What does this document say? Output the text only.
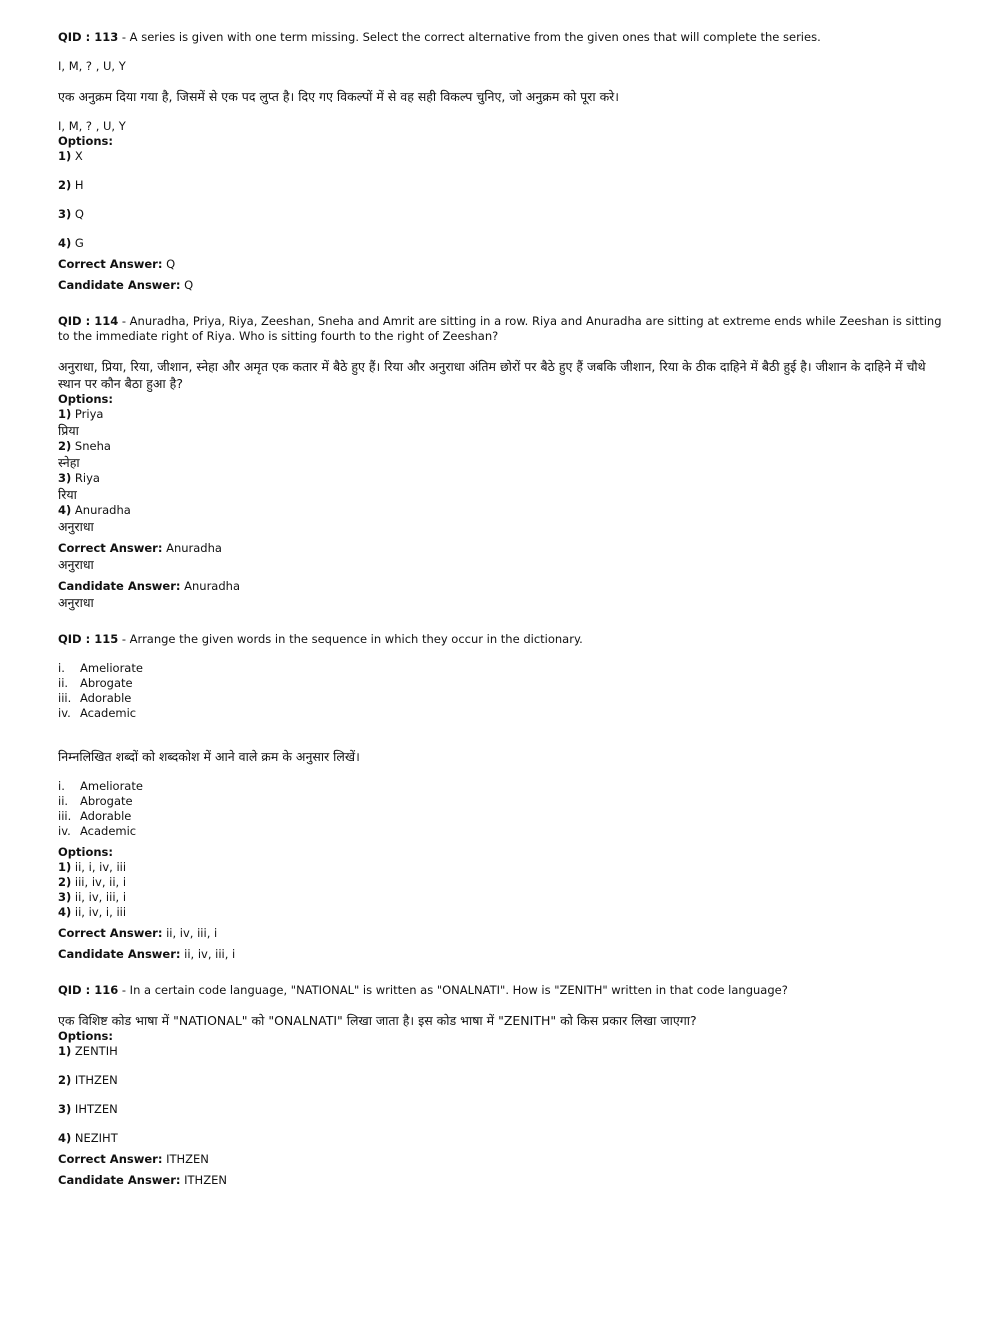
QID : 113 - A series is given with one term missing. Select the correct alternative from the given ones that will complete the series.
I, M, ? , U, Y
एक अनुक्रम दिया गया है, जिसमें से एक पद लुप्त है। दिए गए विकल्पों में से वह सही विकल्प चुनिए, जो अनुक्रम को पूरा करे।
I, M, ? , U, Y
Options:
1) X
2) H
3) Q
4) G
Correct Answer: Q
Candidate Answer: Q
QID : 114 - Anuradha, Priya, Riya, Zeeshan, Sneha and Amrit are sitting in a row. Riya and Anuradha are sitting at extreme ends while Zeeshan is sitting to the immediate right of Riya. Who is sitting fourth to the right of Zeeshan?
अनुराधा, प्रिया, रिया, जीशान, स्नेहा और अमृत एक कतार में बैठे हुए हैं। रिया और अनुराधा अंतिम छोरों पर बैठे हुए हैं जबकि जीशान, रिया के ठीक दाहिने में बैठी हुई है। जीशान के दाहिने में चौथे स्थान पर कौन बैठा हुआ है?
Options:
1) Priya
प्रिया
2) Sneha
स्नेहा
3) Riya
रिया
4) Anuradha
अनुराधा
Correct Answer: Anuradha
अनुराधा
Candidate Answer: Anuradha
अनुराधा
QID : 115 - Arrange the given words in the sequence in which they occur in the dictionary.
i. Ameliorate
ii. Abrogate
iii. Adorable
iv. Academic
निम्नलिखित शब्दों को शब्दकोश में आने वाले क्रम के अनुसार लिखें।
i. Ameliorate
ii. Abrogate
iii. Adorable
iv. Academic
Options:
1) ii, i, iv, iii
2) iii, iv, ii, i
3) ii, iv, iii, i
4) ii, iv, i, iii
Correct Answer: ii, iv, iii, i
Candidate Answer: ii, iv, iii, i
QID : 116 - In a certain code language, "NATIONAL" is written as "ONALNATI". How is "ZENITH" written in that code language?
एक विशिष्ट कोड भाषा में "NATIONAL" को "ONALNATI" लिखा जाता है। इस कोड भाषा में "ZENITH" को किस प्रकार लिखा जाएगा?
Options:
1) ZENTIH
2) ITHZEN
3) IHTZEN
4) NEZIHT
Correct Answer: ITHZEN
Candidate Answer: ITHZEN
